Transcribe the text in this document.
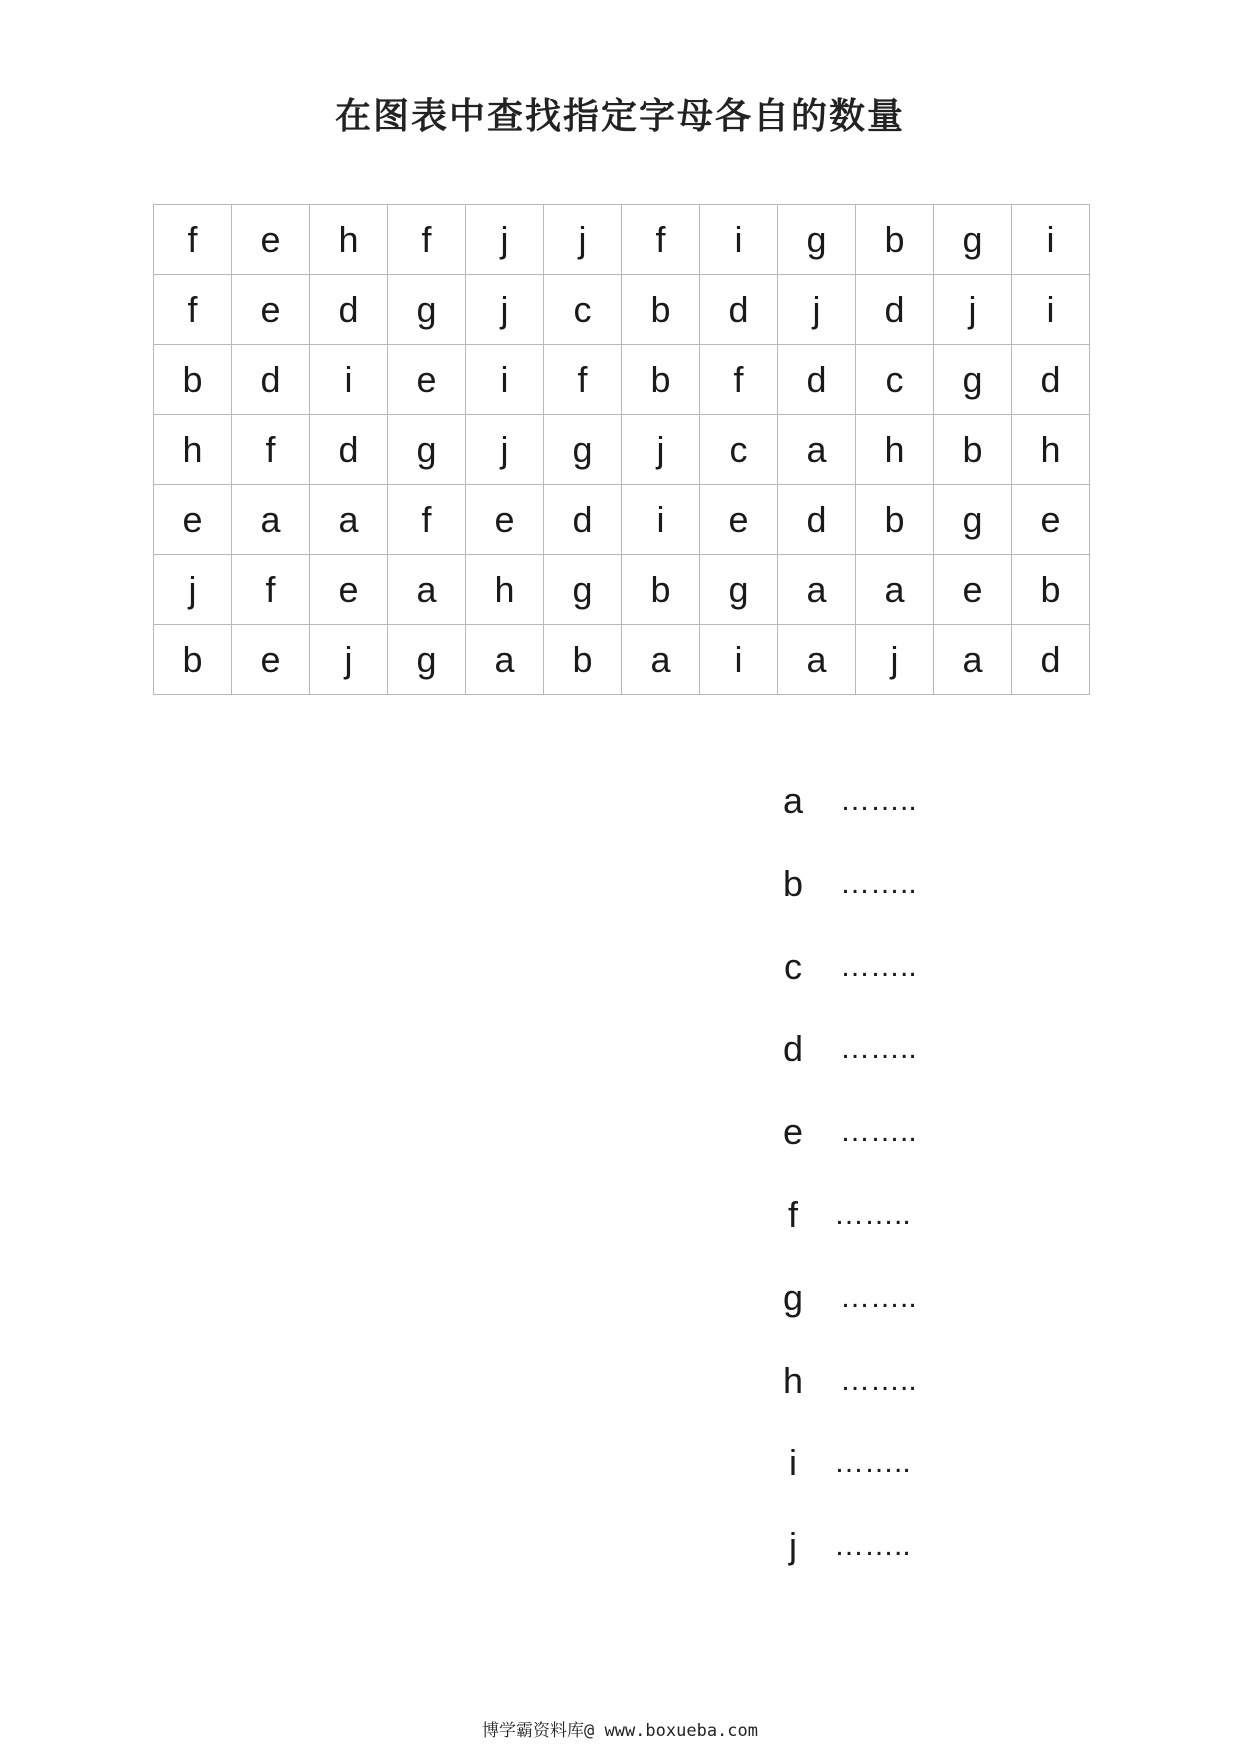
在图表中查找指定字母各自的数量
f	e	h	f	j	j	f	i	g	b	g	i
f	e	d	g	j	c	b	d	j	d	j	i
b	d	i	e	i	f	b	f	d	c	g	d
h	f	d	g	j	g	j	c	a	h	b	h
e	a	a	f	e	d	i	e	d	b	g	e
j	f	e	a	h	g	b	g	a	a	e	b
b	e	j	g	a	b	a	i	a	j	a	d
a ……..
b ……..
c ……..
d ……..
e ……..
f	……..
g ……..
h ……..
i	……..
j	……..
博学霸资料库@ www.boxueba.com
